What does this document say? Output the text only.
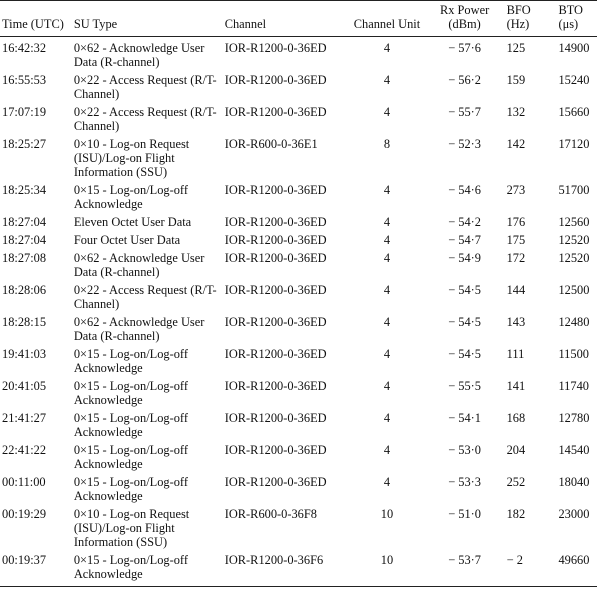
Time (UTC)	SU Type	Channel	Channel Unit	Rx Power (dBm)	BFO (Hz)	BTO (μs)
16:42:32	0×62 - Acknowledge User Data (R-channel)	IOR-R1200-0-36ED	4	− 57·6	125	14900
16:55:53	0×22 - Access Request (R/T-Channel)	IOR-R1200-0-36ED	4	− 56·2	159	15240
17:07:19	0×22 - Access Request (R/T-Channel)	IOR-R1200-0-36ED	4	− 55·7	132	15660
18:25:27	0×10 - Log-on Request (ISU)/Log-on Flight Information (SSU)	IOR-R600-0-36E1	8	− 52·3	142	17120
18:25:34	0×15 - Log-on/Log-off Acknowledge	IOR-R1200-0-36ED	4	− 54·6	273	51700
18:27:04	Eleven Octet User Data	IOR-R1200-0-36ED	4	− 54·2	176	12560
18:27:04	Four Octet User Data	IOR-R1200-0-36ED	4	− 54·7	175	12520
18:27:08	0×62 - Acknowledge User Data (R-channel)	IOR-R1200-0-36ED	4	− 54·9	172	12520
18:28:06	0×22 - Access Request (R/T-Channel)	IOR-R1200-0-36ED	4	− 54·5	144	12500
18:28:15	0×62 - Acknowledge User Data (R-channel)	IOR-R1200-0-36ED	4	− 54·5	143	12480
19:41:03	0×15 - Log-on/Log-off Acknowledge	IOR-R1200-0-36ED	4	− 54·5	111	11500
20:41:05	0×15 - Log-on/Log-off Acknowledge	IOR-R1200-0-36ED	4	− 55·5	141	11740
21:41:27	0×15 - Log-on/Log-off Acknowledge	IOR-R1200-0-36ED	4	− 54·1	168	12780
22:41:22	0×15 - Log-on/Log-off Acknowledge	IOR-R1200-0-36ED	4	− 53·0	204	14540
00:11:00	0×15 - Log-on/Log-off Acknowledge	IOR-R1200-0-36ED	4	− 53·3	252	18040
00:19:29	0×10 - Log-on Request (ISU)/Log-on Flight Information (SSU)	IOR-R600-0-36F8	10	− 51·0	182	23000
00:19:37	0×15 - Log-on/Log-off Acknowledge	IOR-R1200-0-36F6	10	− 53·7	− 2	49660
